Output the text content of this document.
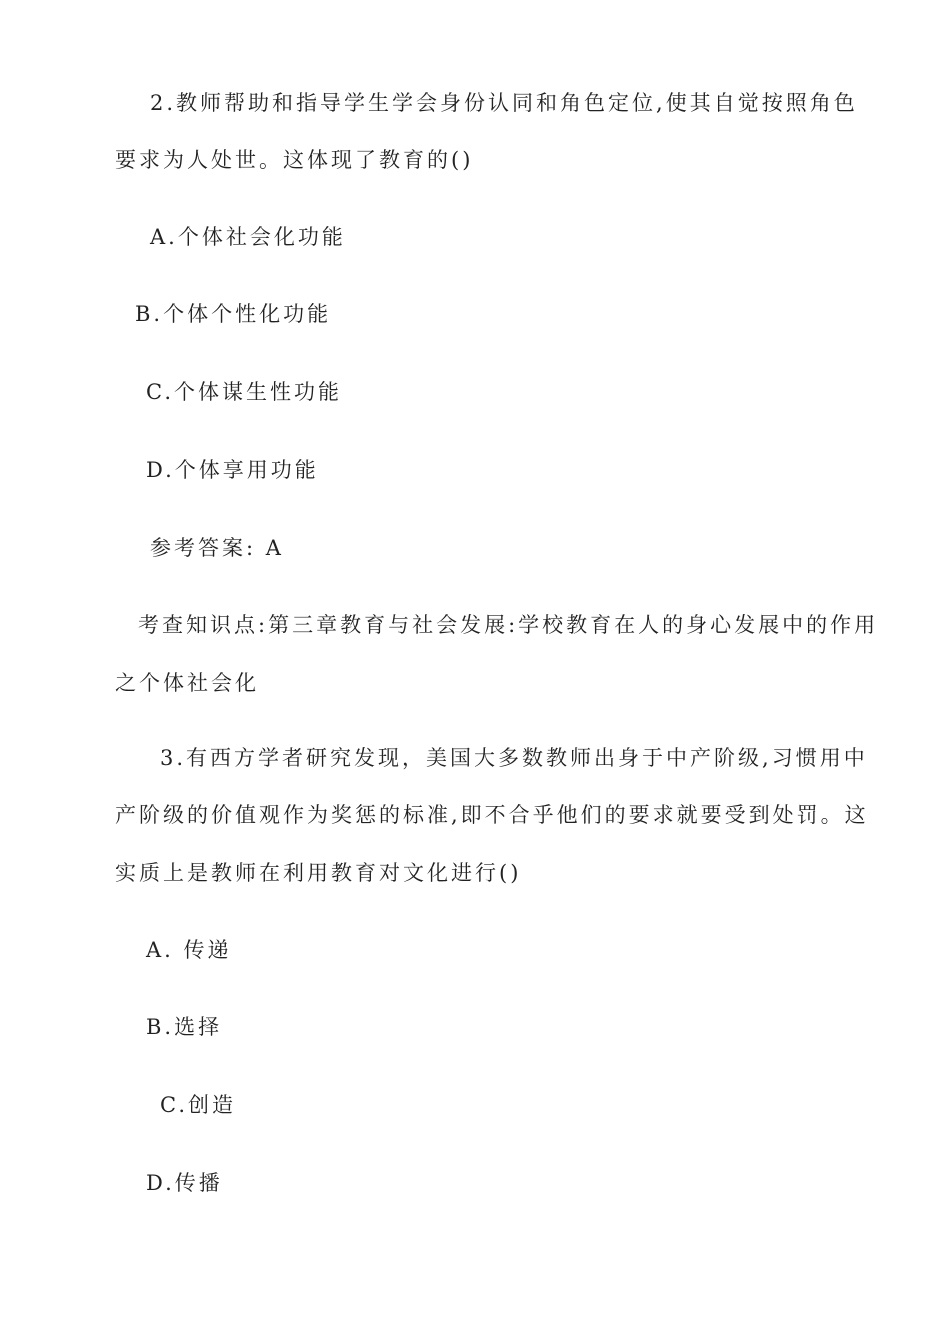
2.教师帮助和指导学生学会身份认同和角色定位,使其自觉按照角色
要求为人处世。这体现了教育的()
A.个体社会化功能
B.个体个性化功能
C.个体谋生性功能
D.个体享用功能
参考答案: A
考查知识点:第三章教育与社会发展:学校教育在人的身心发展中的作用
之个体社会化
3.有西方学者研究发现，美国大多数教师出身于中产阶级,习惯用中
产阶级的价值观作为奖惩的标准,即不合乎他们的要求就要受到处罚。这
实质上是教师在利用教育对文化进行()
A. 传递
B.选择
C.创造
D.传播
